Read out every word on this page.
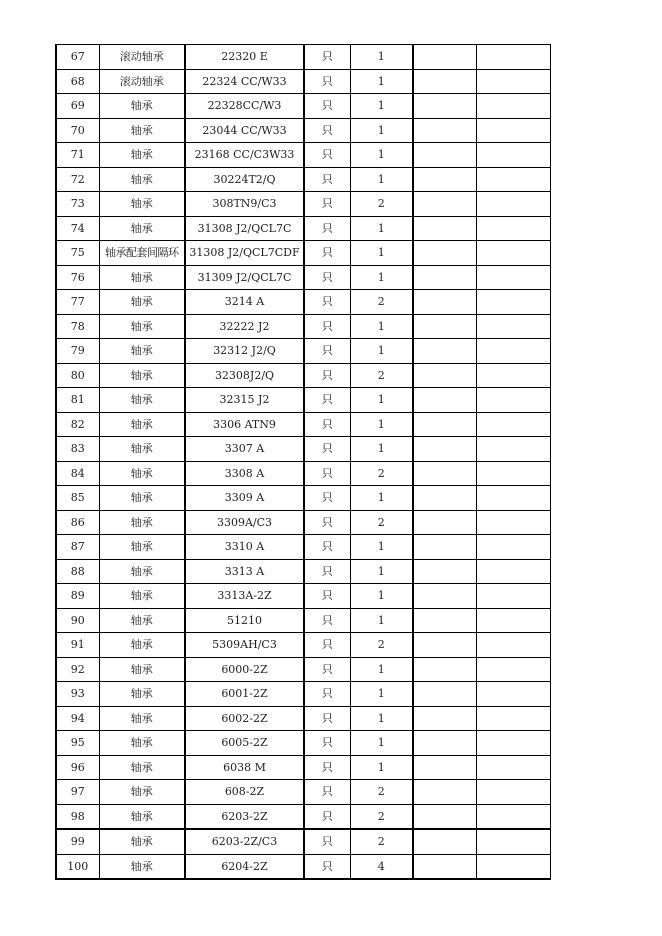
67	滚动轴承	22320 E	只	1		
68	滚动轴承	22324 CC/W33	只	1		
69	轴承	22328CC/W3	只	1		
70	轴承	23044 CC/W33	只	1		
71	轴承	23168 CC/C3W33	只	1		
72	轴承	30224T2/Q	只	1		
73	轴承	308TN9/C3	只	2		
74	轴承	31308 J2/QCL7C	只	1		
75	轴承配套间隔环	31308 J2/QCL7CDF	只	1		
76	轴承	31309 J2/QCL7C	只	1		
77	轴承	3214 A	只	2		
78	轴承	32222 J2	只	1		
79	轴承	32312 J2/Q	只	1		
80	轴承	32308J2/Q	只	2		
81	轴承	32315 J2	只	1		
82	轴承	3306 ATN9	只	1		
83	轴承	3307 A	只	1		
84	轴承	3308 A	只	2		
85	轴承	3309 A	只	1		
86	轴承	3309A/C3	只	2		
87	轴承	3310 A	只	1		
88	轴承	3313 A	只	1		
89	轴承	3313A-2Z	只	1		
90	轴承	51210	只	1		
91	轴承	5309AH/C3	只	2		
92	轴承	6000-2Z	只	1		
93	轴承	6001-2Z	只	1		
94	轴承	6002-2Z	只	1		
95	轴承	6005-2Z	只	1		
96	轴承	6038 M	只	1		
97	轴承	608-2Z	只	2		
98	轴承	6203-2Z	只	2		
99	轴承	6203-2Z/C3	只	2		
100	轴承	6204-2Z	只	4		
